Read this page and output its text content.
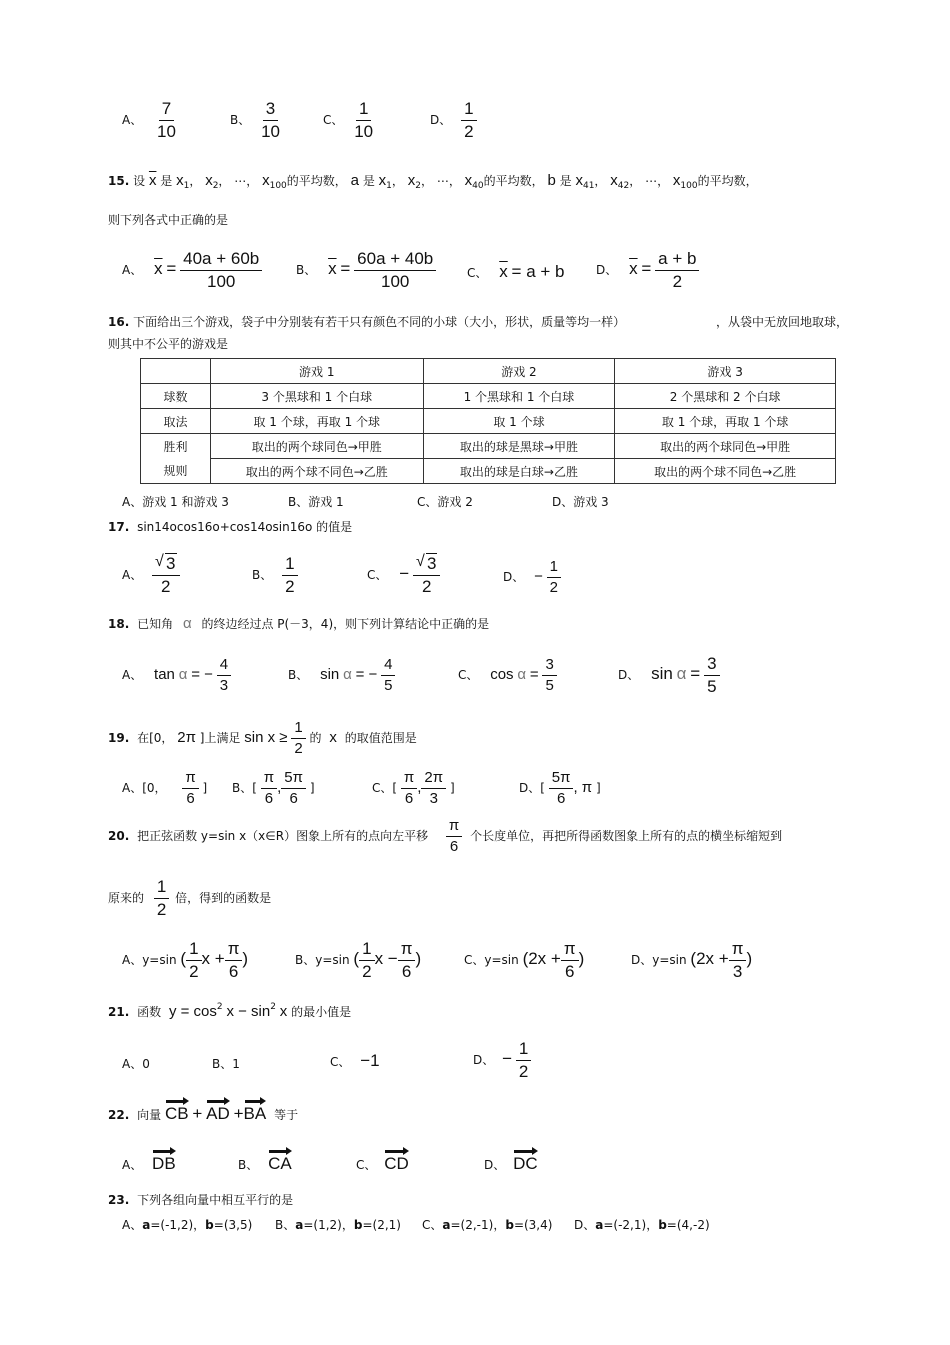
A、 $\frac{7}{10}$	B、 $\frac{3}{10}$	C、 $\frac{1}{10}$	D、 $\frac{1}{2}$
15. 设 $\overline{x}$ 是 $x_1$， $x_2$， ⋯， $x_{100}$的平均数， a 是 $x_1$， $x_2$， ⋯， $x_{40}$的平均数， b 是 $x_{41}$， $x_{42}$， ⋯， $x_{100}$的平均数，
则下列各式中正确的是
A、 $\overline{x} = \frac{40a + 60b}{100}$	B、 $\overline{x} = \frac{60a + 40b}{100}$	C、 $\overline{x} = a + b$	D、 $\overline{x} = \frac{a + b}{2}$
16. 下面给出三个游戏，袋子中分别装有若干只有颜色不同的小球（大小，形状，质量等均一样）	，从袋中无放回地取球，
则其中不公平的游戏是
	游戏 1	游戏 2	游戏 3
球数	3 个黑球和 1 个白球	1 个黑球和 1 个白球	2 个黑球和 2 个白球
取法	取 1 个球，再取 1 个球	取 1 个球	取 1 个球，再取 1 个球
胜利	取出的两个球同色→甲胜	取出的球是黑球→甲胜	取出的两个球同色→甲胜
规则	取出的两个球不同色→乙胜	取出的球是白球→乙胜	取出的两个球不同色→乙胜
A、游戏 1 和游戏 3	B、游戏 1	C、游戏 2	D、游戏 3
17. sin14ocos16o+cos14osin16o 的值是
A、 $\frac{√ 3}{2}$	B、 $\frac{1}{2}$	C、 − $\frac{√ 3}{2}$	D、 − $\frac{1}{2}$
18. 已知角 α 的终边经过点 P(－3，4)，则下列计算结论中正确的是
A、 tan α = − $\frac{4}{3}$	B、 sin α = − $\frac{4}{5}$	C、 $\cos \alpha = \frac{3}{5}$	D、 $\sin \alpha = \frac{3}{5}$
19. 在[0， 2π ]上满足 $\sin x \ge \frac{1}{2}$ 的 x 的取值范围是
A、[0， $\frac{\pi}{6}$ ] B、[ $\frac{\pi}{6}$ , $\frac{5\pi}{6}$ ]	C、[ $\frac{\pi}{6}$ , $\frac{2\pi}{3}$ ]	D、[ $\frac{5\pi}{6}$ , π ]
20. 把正弦函数 y=sin x（x∈R）图象上所有的点向左平移 $\frac{\pi}{6}$ 个长度单位，再把所得函数图象上所有的点的横坐标缩短到
原来的 $\frac{1}{2}$ 倍，得到的函数是
A、y=sin ( $\frac{1}{2}$ $x + \frac{\pi}{6}$ )	B、y=sin ( $\frac{1}{2}$ $x - \frac{\pi}{6}$ )	C、y=sin ($2x + \frac{\pi}{6}$ )	D、y=sin ($2x + \frac{\pi}{3}$ )
21. 函数 $y = \cos^2 x - \sin^2 x$ 的最小值是
A、0	B、1	C、 −1	D、 − $\frac{1}{2}$
22. 向量 CB + AD +BA 等于
A、 DB	B、 CA	C、 CD	D、 DC
23. 下列各组向量中相互平行的是
A、a=(-1,2)，b=(3,5) B、a=(1,2)，b=(2,1) C、a=(2,-1)，b=(3,4) D、a=(-2,1)，b=(4,-2)
